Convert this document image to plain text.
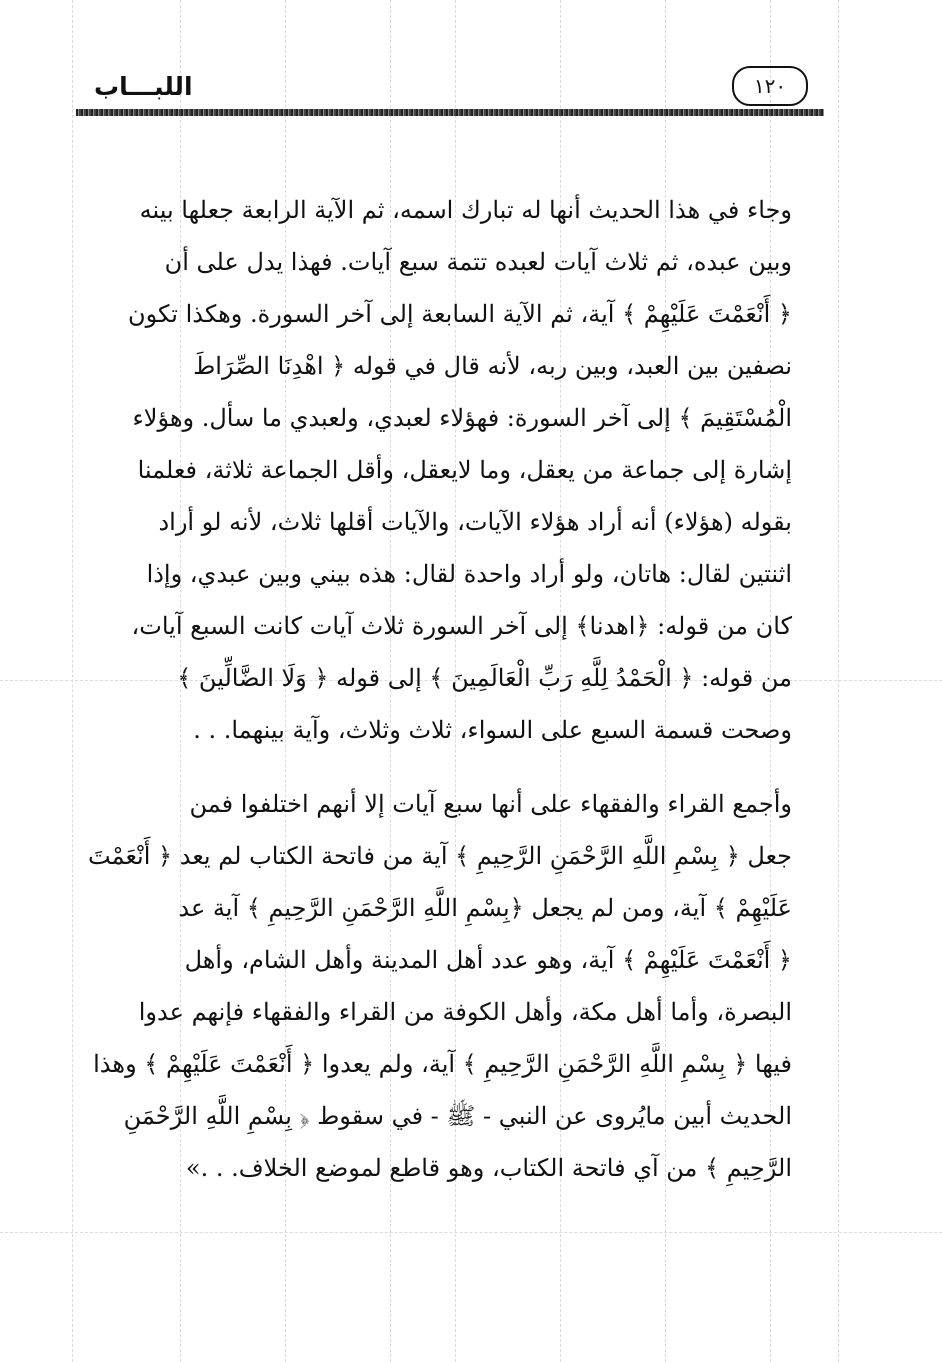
اللبـــاب	١٢٠
وجاء في هذا الحديث أنها له تبارك اسمه، ثم الآية الرابعة جعلها بينه
وبين عبده، ثم ثلاث آيات لعبده تتمة سبع آيات. فهذا يدل على أن
﴿ أَنْعَمْتَ عَلَيْهِمْ ﴾ آية، ثم الآية السابعة إلى آخر السورة. وهكذا تكون
نصفين بين العبد، وبين ربه، لأنه قال في قوله ﴿ اهْدِنَا الصِّرَاطَ
الْمُسْتَقِيمَ ﴾ إلى آخر السورة: فهؤلاء لعبدي، ولعبدي ما سأل. وهؤلاء
إشارة إلى جماعة من يعقل، وما لايعقل، وأقل الجماعة ثلاثة، فعلمنا
بقوله (هؤلاء) أنه أراد هؤلاء الآيات، والآيات أقلها ثلاث، لأنه لو أراد
اثنتين لقال: هاتان، ولو أراد واحدة لقال: هذه بيني وبين عبدي، وإذا
كان من قوله: ﴿اهدنا﴾ إلى آخر السورة ثلاث آيات كانت السبع آيات،
من قوله: ﴿ الْحَمْدُ لِلَّهِ رَبِّ الْعَالَمِينَ ﴾ إلى قوله ﴿ وَلَا الضَّالِّينَ ﴾
وصحت قسمة السبع على السواء، ثلاث وثلاث، وآية بينهما. . .
وأجمع القراء والفقهاء على أنها سبع آيات إلا أنهم اختلفوا فمن
جعل ﴿ بِسْمِ اللَّهِ الرَّحْمَنِ الرَّحِيمِ ﴾ آية من فاتحة الكتاب لم يعد ﴿ أَنْعَمْتَ
عَلَيْهِمْ ﴾ آية، ومن لم يجعل ﴿بِسْمِ اللَّهِ الرَّحْمَنِ الرَّحِيمِ ﴾ آية عد
﴿ أَنْعَمْتَ عَلَيْهِمْ ﴾ آية، وهو عدد أهل المدينة وأهل الشام، وأهل
البصرة، وأما أهل مكة، وأهل الكوفة من القراء والفقهاء فإنهم عدوا
فيها ﴿ بِسْمِ اللَّهِ الرَّحْمَنِ الرَّحِيمِ ﴾ آية، ولم يعدوا ﴿ أَنْعَمْتَ عَلَيْهِمْ ﴾ وهذا
الحديث أبين مايُروى عن النبي - ﷺ - في سقوط ﴿ بِسْمِ اللَّهِ الرَّحْمَنِ
الرَّحِيمِ ﴾ من آي فاتحة الكتاب، وهو قاطع لموضع الخلاف. . .»
